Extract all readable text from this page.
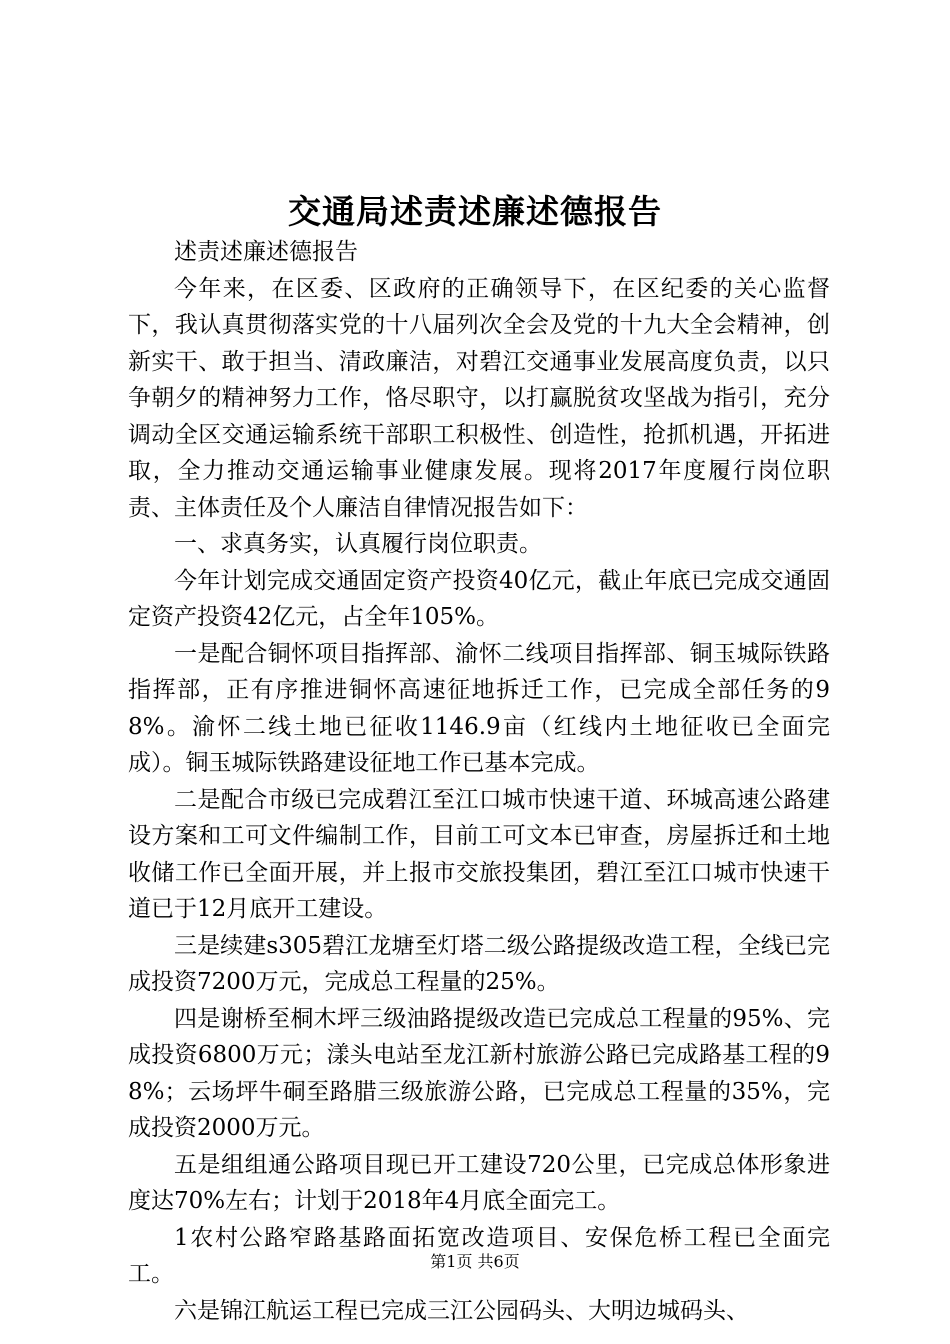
交通局述责述廉述德报告

述责述廉述德报告

今年来，在区委、区政府的正确领导下，在区纪委的关心监督下，我认真贯彻落实党的十八届列次全会及党的十九大全会精神，创新实干、敢于担当、清政廉洁，对碧江交通事业发展高度负责，以只争朝夕的精神努力工作，恪尽职守，以打赢脱贫攻坚战为指引，充分调动全区交通运输系统干部职工积极性、创造性，抢抓机遇，开拓进取，全力推动交通运输事业健康发展。现将2017年度履行岗位职责、主体责任及个人廉洁自律情况报告如下：

一、求真务实，认真履行岗位职责。

今年计划完成交通固定资产投资40亿元，截止年底已完成交通固定资产投资42亿元，占全年105%。

一是配合铜怀项目指挥部、渝怀二线项目指挥部、铜玉城际铁路指挥部，正有序推进铜怀高速征地拆迁工作，已完成全部任务的98%。渝怀二线土地已征收1146.9亩（红线内土地征收已全面完成）。铜玉城际铁路建设征地工作已基本完成。

二是配合市级已完成碧江至江口城市快速干道、环城高速公路建设方案和工可文件编制工作，目前工可文本已审查，房屋拆迁和土地收储工作已全面开展，并上报市交旅投集团，碧江至江口城市快速干道已于12月底开工建设。

三是续建s305碧江龙塘至灯塔二级公路提级改造工程，全线已完成投资7200万元，完成总工程量的25%。

四是谢桥至桐木坪三级油路提级改造已完成总工程量的95%、完成投资6800万元；漾头电站至龙江新村旅游公路已完成路基工程的98%；云场坪牛硐至路腊三级旅游公路，已完成总工程量的35%，完成投资2000万元。

五是组组通公路项目现已开工建设720公里，已完成总体形象进度达70%左右；计划于2018年4月底全面完工。

1农村公路窄路基路面拓宽改造项目、安保危桥工程已全面完工。

六是锦江航运工程已完成三江公园码头、大明边城码头、

第1页 共6页
